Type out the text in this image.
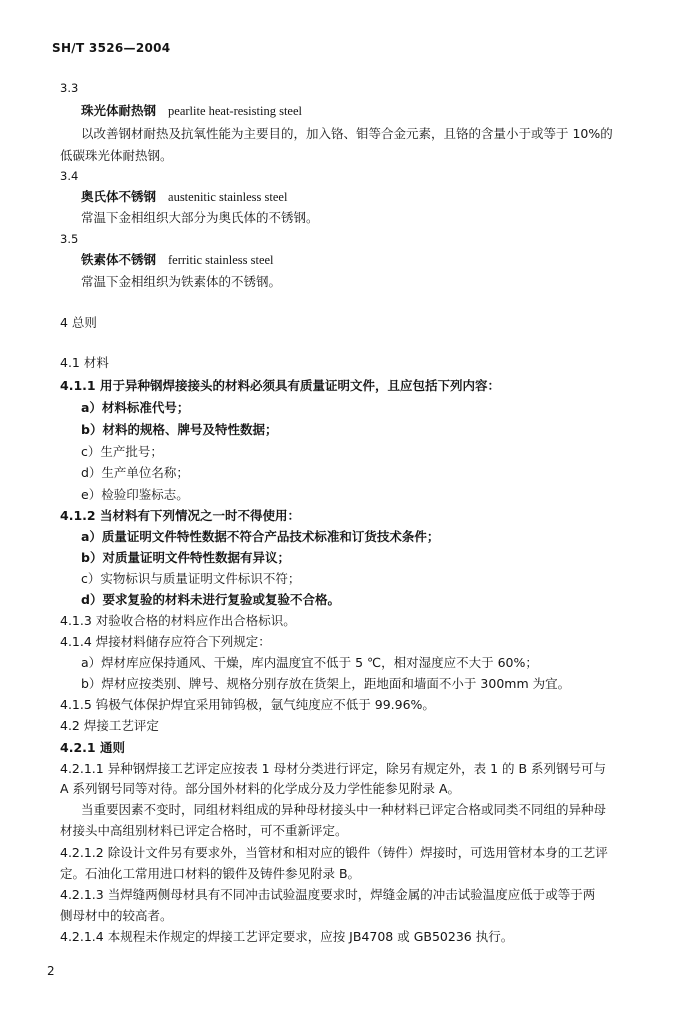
SH/T 3526—2004
3.3
珠光体耐热钢 pearlite heat-resisting steel
以改善钢材耐热及抗氧性能为主要目的，加入铬、钼等合金元素，且铬的含量小于或等于 10%的
低碳珠光体耐热钢。
3.4
奥氏体不锈钢 austenitic stainless steel
常温下金相组织大部分为奥氏体的不锈钢。
3.5
铁素体不锈钢 ferritic stainless steel
常温下金相组织为铁素体的不锈钢。
4 总则
4.1 材料
4.1.1 用于异种钢焊接接头的材料必须具有质量证明文件，且应包括下列内容：
a）材料标准代号；
b）材料的规格、牌号及特性数据；
c）生产批号；
d）生产单位名称；
e）检验印鉴标志。
4.1.2 当材料有下列情况之一时不得使用：
a）质量证明文件特性数据不符合产品技术标准和订货技术条件；
b）对质量证明文件特性数据有异议；
c）实物标识与质量证明文件标识不符；
d）要求复验的材料未进行复验或复验不合格。
4.1.3 对验收合格的材料应作出合格标识。
4.1.4 焊接材料储存应符合下列规定：
a）焊材库应保持通风、干燥，库内温度宜不低于 5 ℃，相对湿度应不大于 60%；
b）焊材应按类别、牌号、规格分别存放在货架上，距地面和墙面不小于 300mm 为宜。
4.1.5 钨极气体保护焊宜采用铈钨极，氩气纯度应不低于 99.96%。
4.2 焊接工艺评定
4.2.1 通则
4.2.1.1 异种钢焊接工艺评定应按表 1 母材分类进行评定，除另有规定外，表 1 的 B 系列钢号可与
A 系列钢号同等对待。部分国外材料的化学成分及力学性能参见附录 A。
当重要因素不变时，同组材料组成的异种母材接头中一种材料已评定合格或同类不同组的异种母
材接头中高组别材料已评定合格时，可不重新评定。
4.2.1.2 除设计文件另有要求外，当管材和相对应的锻件（铸件）焊接时，可选用管材本身的工艺评
定。石油化工常用进口材料的锻件及铸件参见附录 B。
4.2.1.3 当焊缝两侧母材具有不同冲击试验温度要求时，焊缝金属的冲击试验温度应低于或等于两
侧母材中的较高者。
4.2.1.4 本规程未作规定的焊接工艺评定要求，应按 JB4708 或 GB50236 执行。
2
